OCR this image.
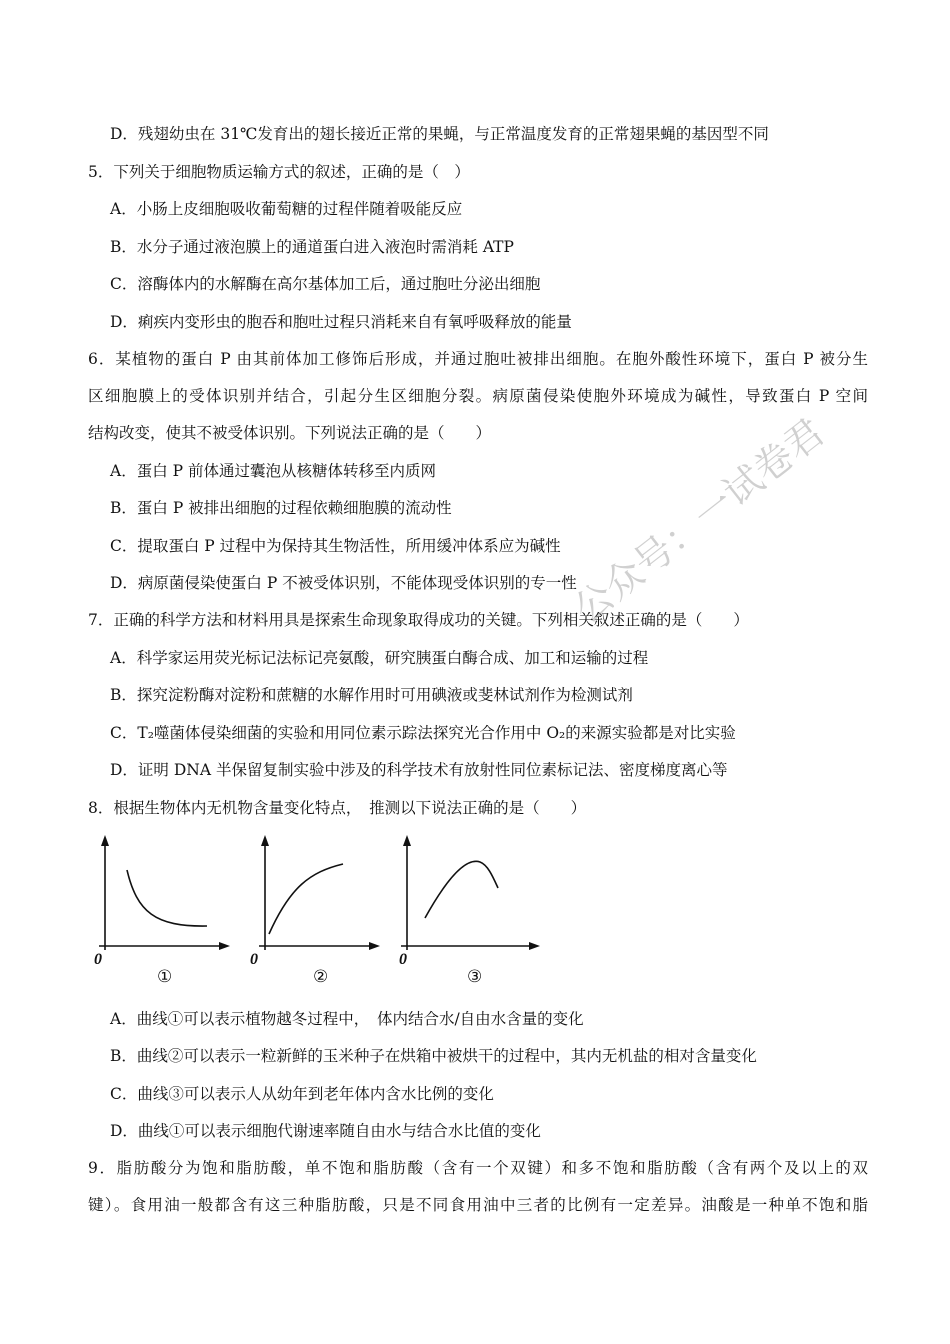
D．残翅幼虫在 31℃发育出的翅长接近正常的果蝇，与正常温度发育的正常翅果蝇的基因型不同
5．下列关于细胞物质运输方式的叙述，正确的是（　）
A．小肠上皮细胞吸收葡萄糖的过程伴随着吸能反应
B．水分子通过液泡膜上的通道蛋白进入液泡时需消耗 ATP
C．溶酶体内的水解酶在高尔基体加工后，通过胞吐分泌出细胞
D．痢疾内变形虫的胞吞和胞吐过程只消耗来自有氧呼吸释放的能量
6．某植物的蛋白 P 由其前体加工修饰后形成，并通过胞吐被排出细胞。在胞外酸性环境下，蛋白 P 被分生
区细胞膜上的受体识别并结合，引起分生区细胞分裂。病原菌侵染使胞外环境成为碱性，导致蛋白 P 空间
结构改变，使其不被受体识别。下列说法正确的是（　　）
A．蛋白 P 前体通过囊泡从核糖体转移至内质网
B．蛋白 P 被排出细胞的过程依赖细胞膜的流动性
C．提取蛋白 P 过程中为保持其生物活性，所用缓冲体系应为碱性
D．病原菌侵染使蛋白 P 不被受体识别，不能体现受体识别的专一性
7．正确的科学方法和材料用具是探索生命现象取得成功的关键。下列相关叙述正确的是（　　）
A．科学家运用荧光标记法标记亮氨酸，研究胰蛋白酶合成、加工和运输的过程
B．探究淀粉酶对淀粉和蔗糖的水解作用时可用碘液或斐林试剂作为检测试剂
C．T₂噬菌体侵染细菌的实验和用同位素示踪法探究光合作用中 O₂的来源实验都是对比实验
D．证明 DNA 半保留复制实验中涉及的科学技术有放射性同位素标记法、密度梯度离心等
8．根据生物体内无机物含量变化特点，　推测以下说法正确的是（　　）
0
①
0
②
0
③
A．曲线①可以表示植物越冬过程中，　体内结合水/自由水含量的变化
B．曲线②可以表示一粒新鲜的玉米种子在烘箱中被烘干的过程中，其内无机盐的相对含量变化
C．曲线③可以表示人从幼年到老年体内含水比例的变化
D．曲线①可以表示细胞代谢速率随自由水与结合水比值的变化
9．脂肪酸分为饱和脂肪酸，单不饱和脂肪酸（含有一个双键）和多不饱和脂肪酸（含有两个及以上的双
键）。食用油一般都含有这三种脂肪酸，只是不同食用油中三者的比例有一定差异。油酸是一种单不饱和脂
公众号：一试卷君
